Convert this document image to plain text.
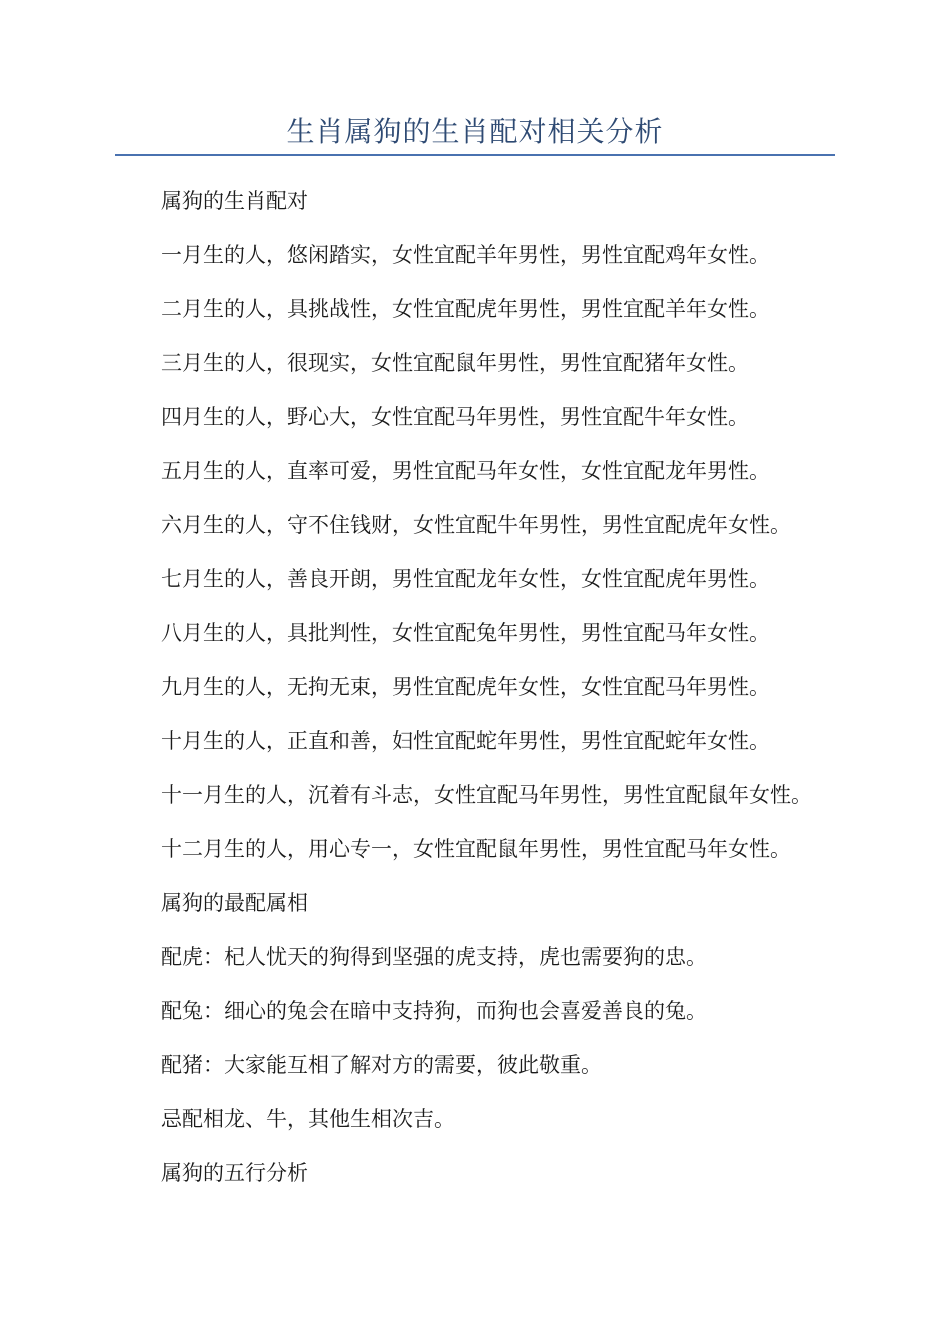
生肖属狗的生肖配对相关分析

属狗的生肖配对

一月生的人，悠闲踏实，女性宜配羊年男性，男性宜配鸡年女性。

二月生的人，具挑战性，女性宜配虎年男性，男性宜配羊年女性。

三月生的人，很现实，女性宜配鼠年男性，男性宜配猪年女性。

四月生的人，野心大，女性宜配马年男性，男性宜配牛年女性。

五月生的人，直率可爱，男性宜配马年女性，女性宜配龙年男性。

六月生的人，守不住钱财，女性宜配牛年男性，男性宜配虎年女性。

七月生的人，善良开朗，男性宜配龙年女性，女性宜配虎年男性。

八月生的人，具批判性，女性宜配兔年男性，男性宜配马年女性。

九月生的人，无拘无束，男性宜配虎年女性，女性宜配马年男性。

十月生的人，正直和善，妇性宜配蛇年男性，男性宜配蛇年女性。

十一月生的人，沉着有斗志，女性宜配马年男性，男性宜配鼠年女性。

十二月生的人，用心专一，女性宜配鼠年男性，男性宜配马年女性。

属狗的最配属相

配虎：杞人忧天的狗得到坚强的虎支持，虎也需要狗的忠。

配兔：细心的兔会在暗中支持狗，而狗也会喜爱善良的兔。

配猪：大家能互相了解对方的需要，彼此敬重。

忌配相龙、牛，其他生相次吉。

属狗的五行分析
